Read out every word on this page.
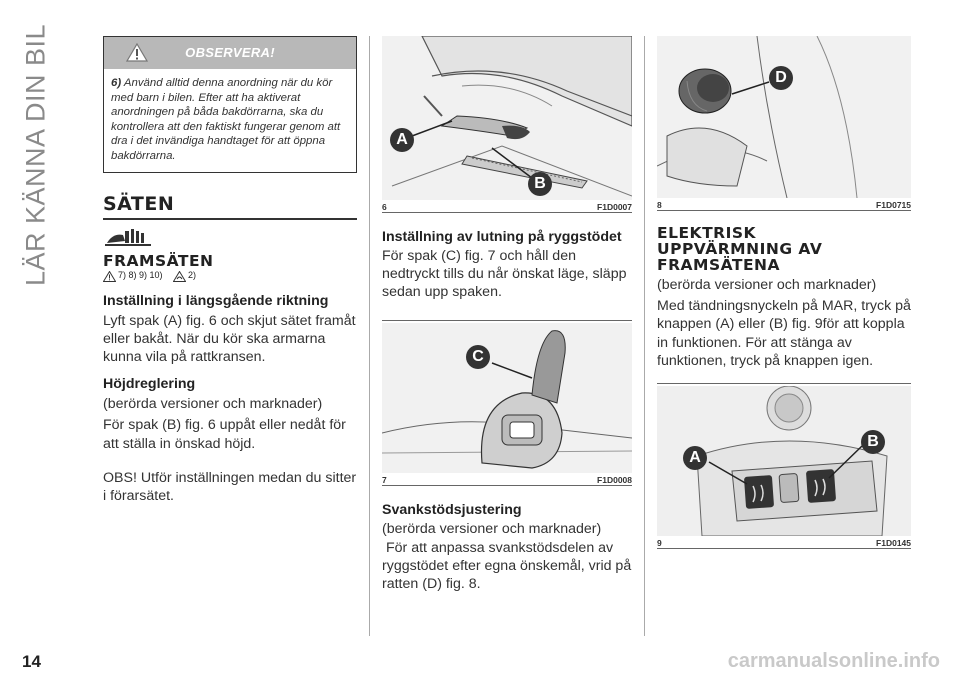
LÄR KÄNNA DIN BIL	OBSERVERA!
6) Använd alltid denna anordning när du kör med barn i bilen. Efter att ha aktiverat anordningen på båda bakdörrarna, ska du kontrollera att den faktiskt fungerar genom att dra i det invändiga handtaget för att öppna bakdörrarna.
SÄTEN
FRAMSÄTEN
7) 8) 9) 10)	2)
Inställning i längsgående riktning

Lyft spak (A) fig. 6 och skjut sätet framåt eller bakåt. När du kör ska armarna kunna vila på rattkransen.

Höjdreglering

(berörda versioner och marknader)

För spak (B) fig. 6 uppåt eller nedåt för att ställa in önskad höjd.

OBS! Utför inställningen medan du sitter i förarsätet.

A
B
6	F1D0007
Inställning av lutning på ryggstödet

För spak (C) fig. 7 och håll den nedtryckt tills du når önskat läge, släpp sedan upp spaken.

C
7	F1D0008
Svankstödsjustering

(berörda versioner och marknader)

För att anpassa svankstödsdelen av ryggstödet efter egna önskemål, vrid på ratten (D) fig. 8.

D
8	F1D0715
ELEKTRISK
UPPVÄRMNING AV
FRAMSÄTENA

(berörda versioner och marknader)

Med tändningsnyckeln på MAR, tryck på knappen (A) eller (B) fig. 9för att koppla in funktionen. För att stänga av funktionen, tryck på knappen igen.

A
B
9	F1D0145
14	carmanualsonline.info
